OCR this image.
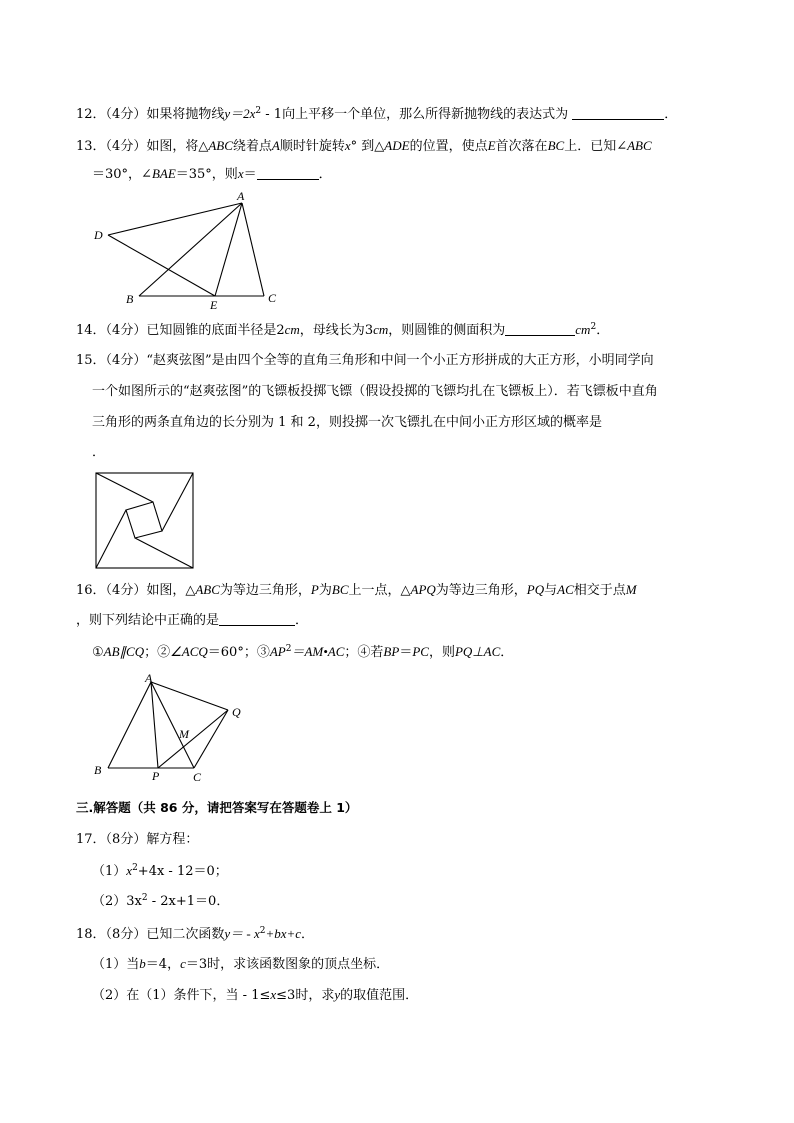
12．（4分）如果将抛物线$y=2x^2 - 1$向上平移一个单位，那么所得新抛物线的表达式为	．
13．（4分）如图，将△ABC绕着点A顺时针旋转x° 到△ADE的位置，使点E首次落在BC上．已知∠ABC
＝30°，∠BAE＝35°，则x＝	．
A
D
B	E	C
14．（4分）已知圆锥的底面半径是2cm，母线长为3cm，则圆锥的侧面积为	$cm^2$．
15．（4分）“赵爽弦图”是由四个全等的直角三角形和中间一个小正方形拼成的大正方形，小明同学向
一个如图所示的“赵爽弦图”的飞镖板投掷飞镖（假设投掷的飞镖均扎在飞镖板上）．若飞镖板中直角
三角形的两条直角边的长分别为 1 和 2，则投掷一次飞镖扎在中间小正方形区域的概率是
．
16．（4分）如图，△ABC为等边三角形，P为BC上一点，△APQ为等边三角形，PQ与AC相交于点M
，则下列结论中正确的是	．
①AB∥CQ；②∠ACQ＝60°；$③AP^2=AM•AC$；④若BP＝PC，则PQ⊥AC．
A
B	P	C
Q
M
三.解答题（共 86 分，请把答案写在答题卷上 1）
17．（8分）解方程：
$(1)x^2+4x - 12=0$；
$(2)3x^2 - 2x+1=0$．
18．（8分）已知二次函数$y= - x^2+bx+c$．
（1）当b＝4，c＝3时，求该函数图象的顶点坐标．
（2）在（1）条件下，当 - 1≤x≤3时，求y的取值范围．
